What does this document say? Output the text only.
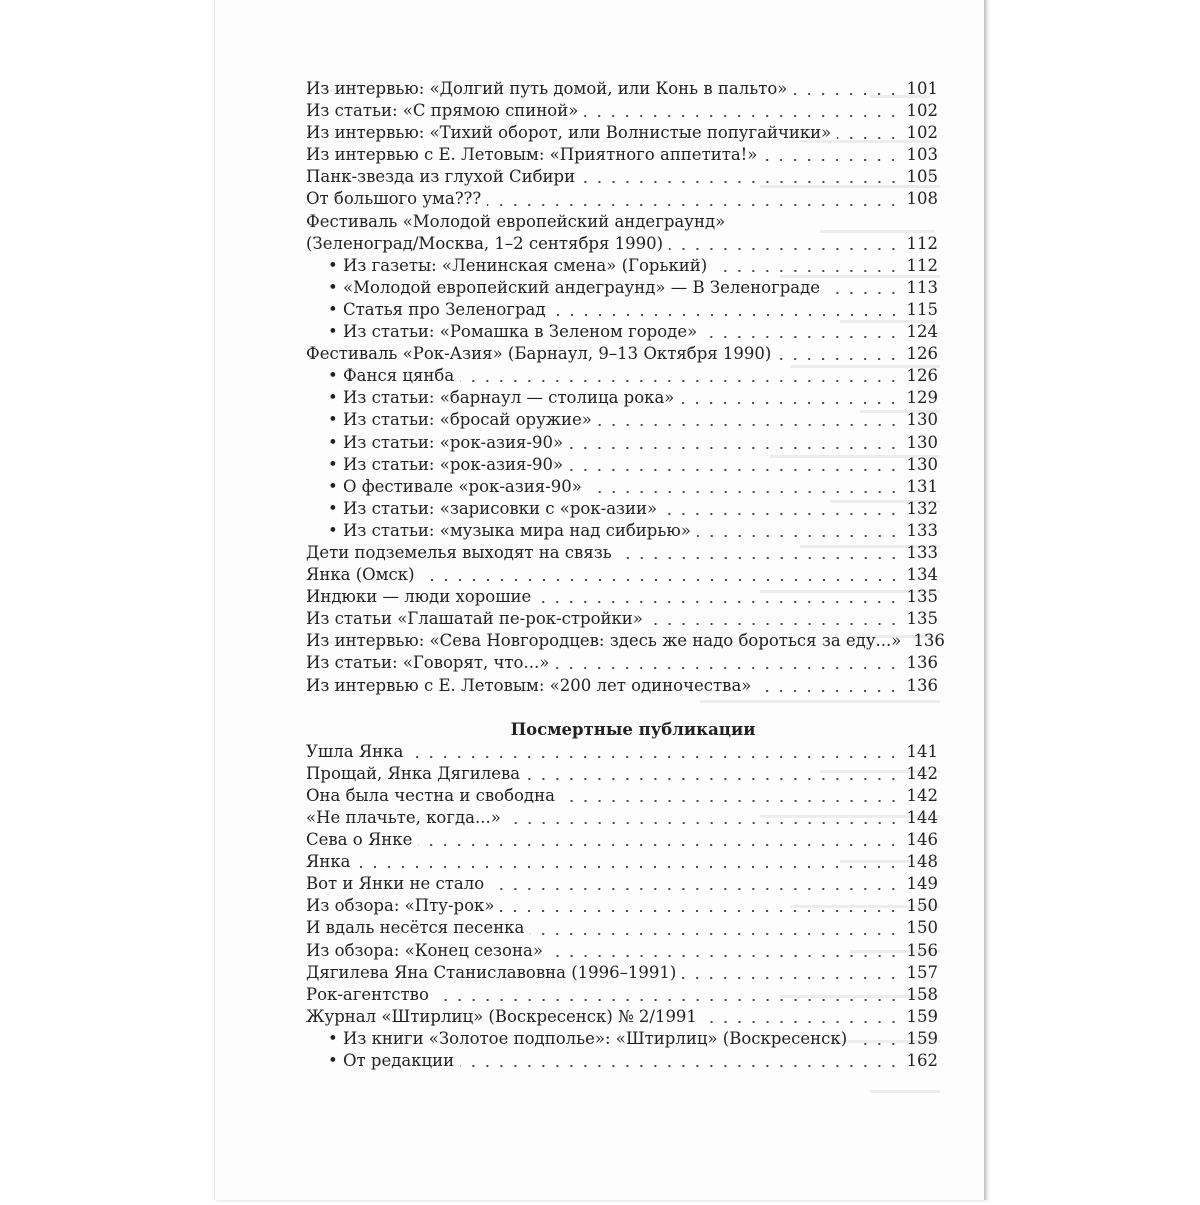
Из интервью: «Долгий путь домой, или Конь в пальто»	101
Из статьи: «С прямою спиной»	102
Из интервью: «Тихий оборот, или Волнистые попугайчики»	102
Из интервью с Е. Летовым: «Приятного аппетита!»	103
Панк-звезда из глухой Сибири	105
От большого ума???	108
Фестиваль «Молодой европейский андеграунд»
(Зеленоград/Москва, 1–2 сентября 1990)	112
• Из газеты: «Ленинская смена» (Горький)	112
• «Молодой европейский андеграунд» — В Зеленограде	113
• Статья про Зеленоград	115
• Из статьи: «Ромашка в Зеленом городе»	124
Фестиваль «Рок-Азия» (Барнаул, 9–13 Октября 1990)	126
• Фанся цянба	126
• Из статьи: «барнаул — столица рока»	129
• Из статьи: «бросай оружие»	130
• Из статьи: «рок-азия-90»	130
• Из статьи: «рок-азия-90»	130
• О фестивале «рок-азия-90»	131
• Из статьи: «зарисовки с «рок-азии»	132
• Из статьи: «музыка мира над сибирью»	133
Дети подземелья выходят на связь	133
Янка (Омск)	134
Индюки — люди хорошие	135
Из статьи «Глашатай пе-рок-стройки»	135
Из интервью: «Сева Новгородцев: здесь же надо бороться за еду...» 136
Из статьи: «Говорят, что...»	136
Из интервью с Е. Летовым: «200 лет одиночества»	136
Посмертные публикации
Ушла Янка	141
Прощай, Янка Дягилева	142
Она была честна и свободна	142
«Не плачьте, когда...»	144
Сева о Янке	146
Янка	148
Вот и Янки не стало	149
Из обзора: «Пту-рок»	150
И вдаль несётся песенка	150
Из обзора: «Конец сезона»	156
Дягилева Яна Станиславовна (1996–1991)	157
Рок-агентство	158
Журнал «Штирлиц» (Воскресенск) № 2/1991	159
• Из книги «Золотое подполье»: «Штирлиц» (Воскресенск)	159
• От редакции	162
